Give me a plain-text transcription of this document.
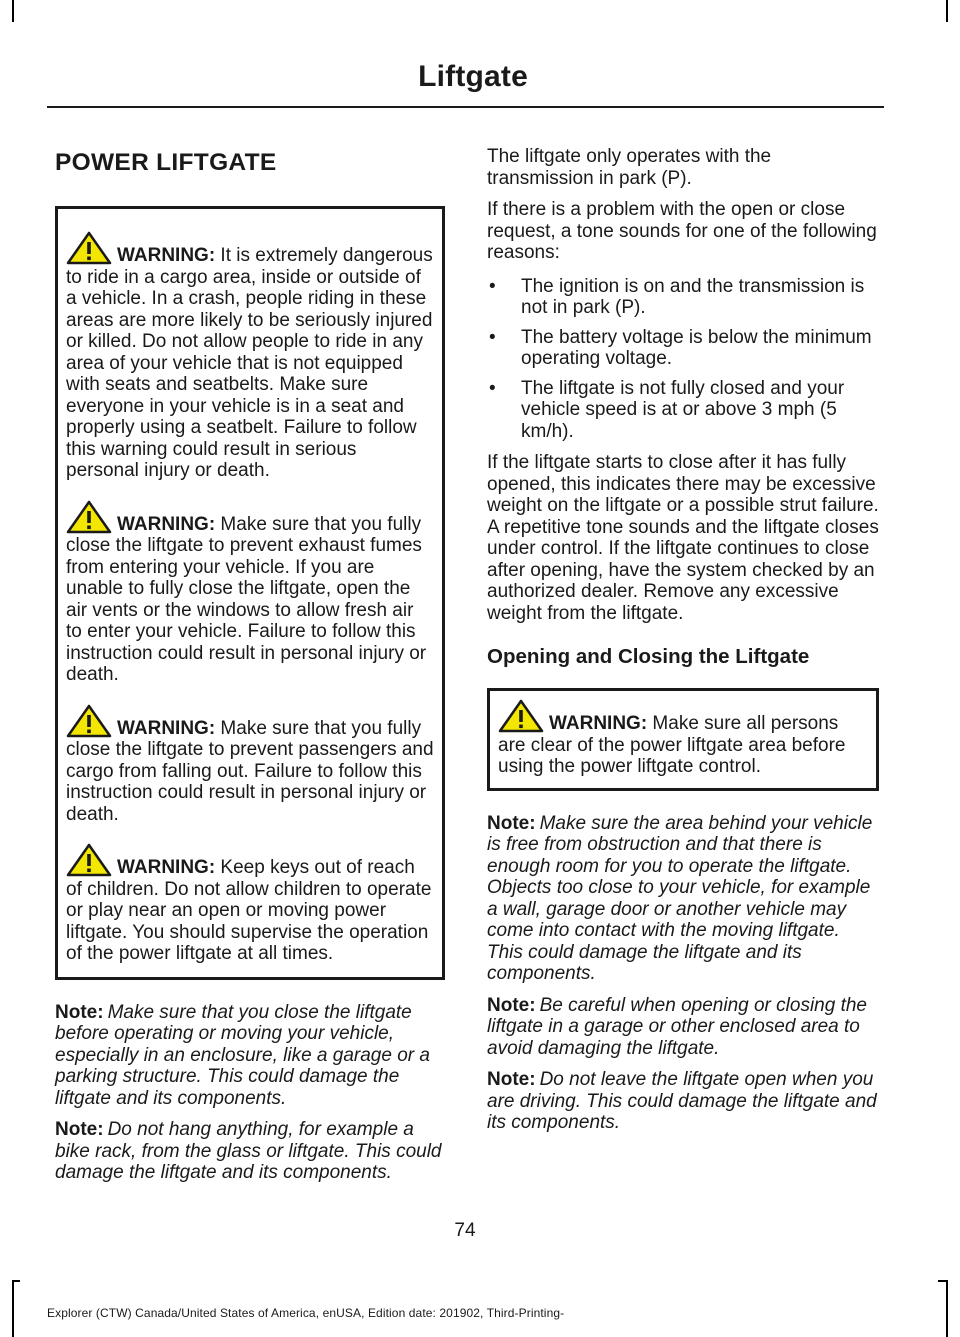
Liftgate
POWER LIFTGATE
WARNING: It is extremely dangerous to ride in a cargo area, inside or outside of a vehicle. In a crash, people riding in these areas are more likely to be seriously injured or killed. Do not allow people to ride in any area of your vehicle that is not equipped with seats and seatbelts. Make sure everyone in your vehicle is in a seat and properly using a seatbelt. Failure to follow this warning could result in serious personal injury or death.
WARNING: Make sure that you fully close the liftgate to prevent exhaust fumes from entering your vehicle. If you are unable to fully close the liftgate, open the air vents or the windows to allow fresh air to enter your vehicle. Failure to follow this instruction could result in personal injury or death.
WARNING: Make sure that you fully close the liftgate to prevent passengers and cargo from falling out. Failure to follow this instruction could result in personal injury or death.
WARNING: Keep keys out of reach of children. Do not allow children to operate or play near an open or moving power liftgate. You should supervise the operation of the power liftgate at all times.

Note: Make sure that you close the liftgate before operating or moving your vehicle, especially in an enclosure, like a garage or a parking structure. This could damage the liftgate and its components.

Note: Do not hang anything, for example a bike rack, from the glass or liftgate. This could damage the liftgate and its components.

The liftgate only operates with the transmission in park (P).

If there is a problem with the open or close request, a tone sounds for one of the following reasons:

• The ignition is on and the transmission is not in park (P).
• The battery voltage is below the minimum operating voltage.
• The liftgate is not fully closed and your vehicle speed is at or above 3 mph (5 km/h).

If the liftgate starts to close after it has fully opened, this indicates there may be excessive weight on the liftgate or a possible strut failure. A repetitive tone sounds and the liftgate closes under control. If the liftgate continues to close after opening, have the system checked by an authorized dealer. Remove any excessive weight from the liftgate.

Opening and Closing the Liftgate
WARNING: Make sure all persons are clear of the power liftgate area before using the power liftgate control.

Note: Make sure the area behind your vehicle is free from obstruction and that there is enough room for you to operate the liftgate. Objects too close to your vehicle, for example a wall, garage door or another vehicle may come into contact with the moving liftgate. This could damage the liftgate and its components.

Note: Be careful when opening or closing the liftgate in a garage or other enclosed area to avoid damaging the liftgate.

Note: Do not leave the liftgate open when you are driving. This could damage the liftgate and its components.

74
Explorer (CTW) Canada/United States of America, enUSA, Edition date: 201902, Third-Printing-
